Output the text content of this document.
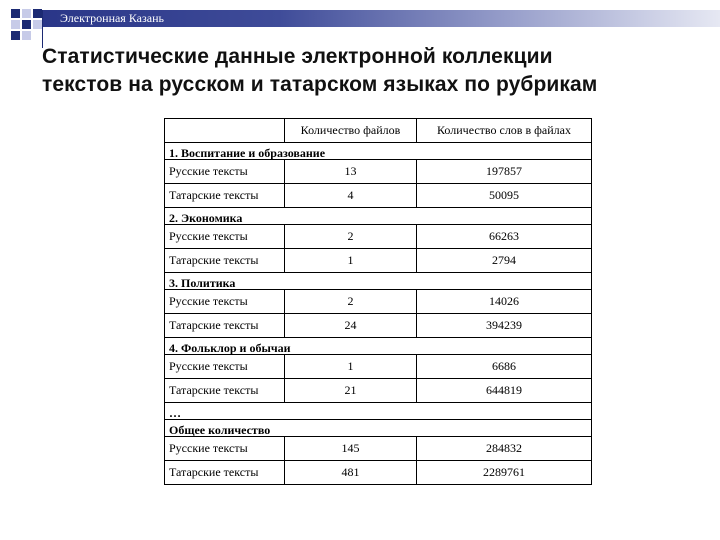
Электронная Казань
Статистические данные электронной коллекции
текстов на русском и татарском языках по рубрикам
	Количество файлов	Количество слов в файлах
1. Воспитание и образование		
Русские тексты	13	197857
Татарские тексты	4	50095
2. Экономика		
Русские тексты	2	66263
Татарские тексты	1	2794
3. Политика		
Русские тексты	2	14026
Татарские тексты	24	394239
4. Фольклор и обычаи		
Русские тексты	1	6686
Татарские тексты	21	644819
…		
Общее количество		
Русские тексты	145	284832
Татарские тексты	481	2289761
